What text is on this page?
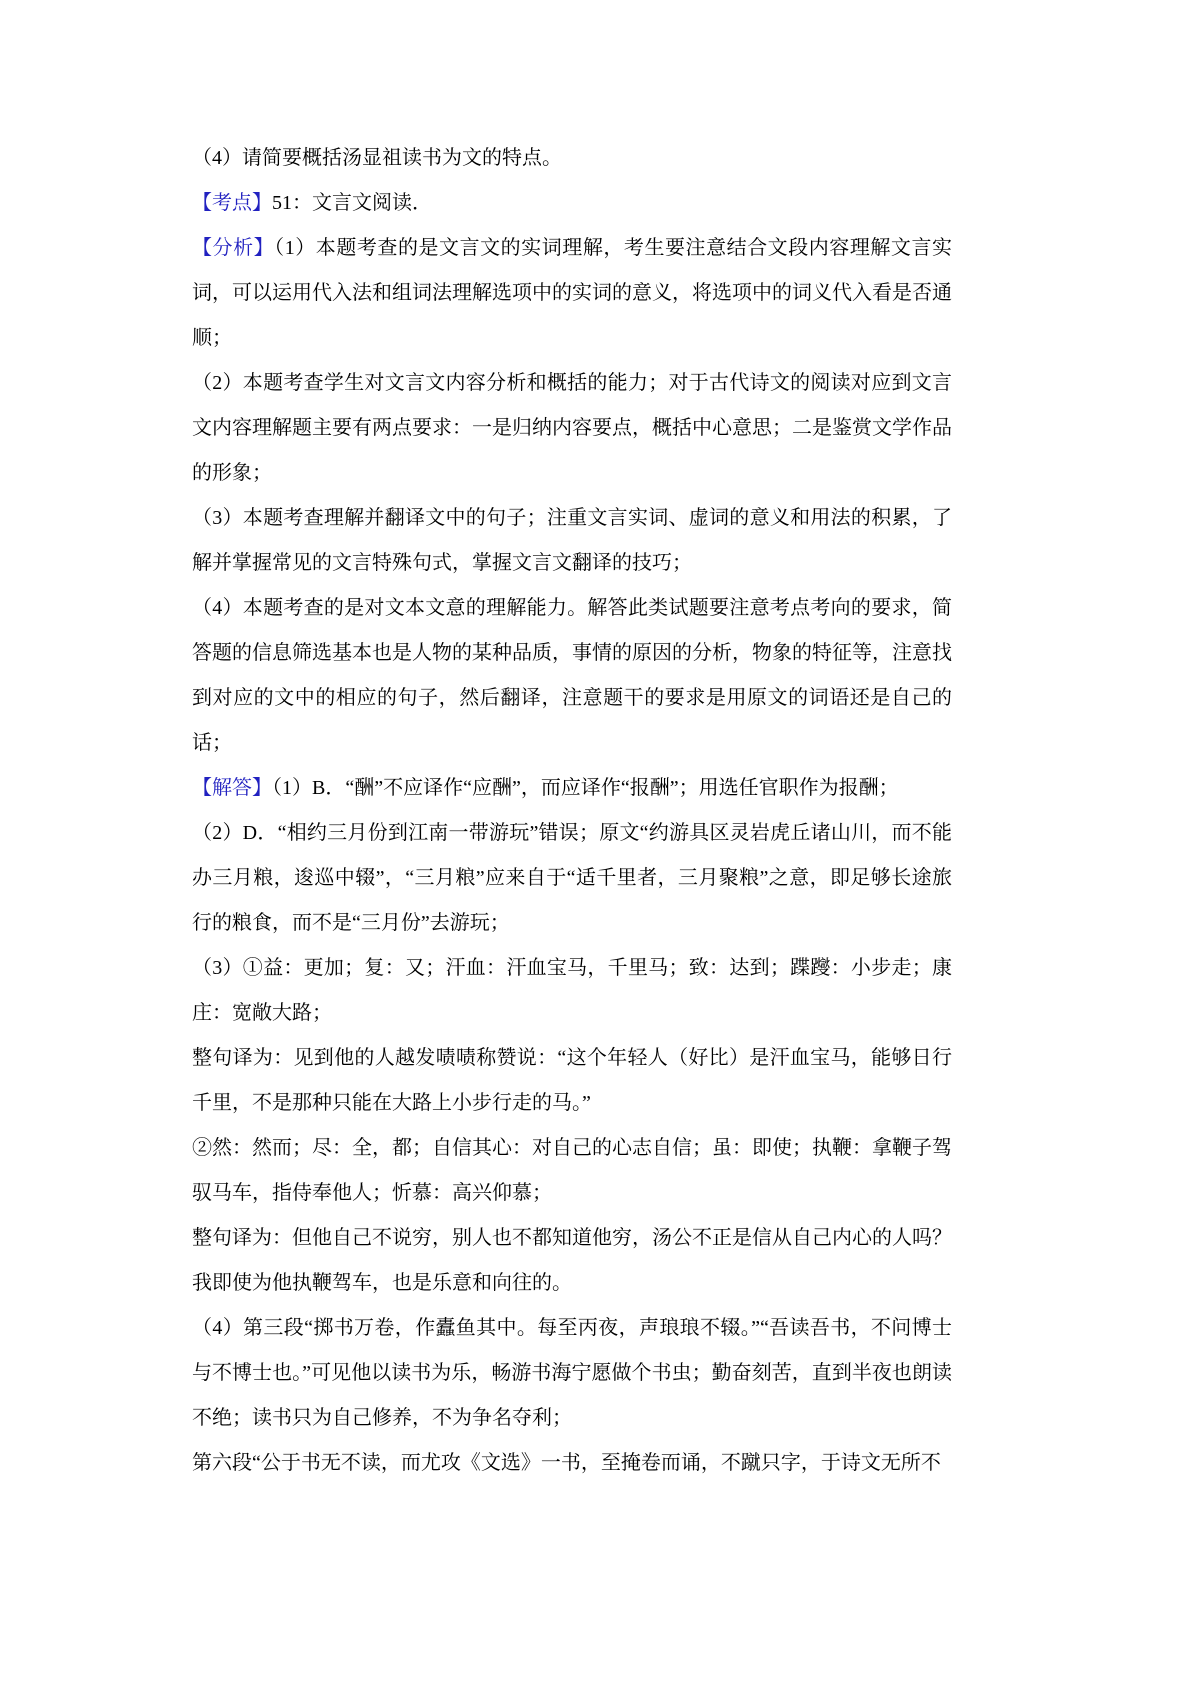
（4）请简要概括汤显祖读书为文的特点。

【考点】51：文言文阅读．

【分析】（1）本题考查的是文言文的实词理解，考生要注意结合文段内容理解文言实词，可以运用代入法和组词法理解选项中的实词的意义，将选项中的词义代入看是否通顺；

（2）本题考查学生对文言文内容分析和概括的能力；对于古代诗文的阅读对应到文言文内容理解题主要有两点要求：一是归纳内容要点，概括中心意思；二是鉴赏文学作品的形象；

（3）本题考查理解并翻译文中的句子；注重文言实词、虚词的意义和用法的积累，了解并掌握常见的文言特殊句式，掌握文言文翻译的技巧；

（4）本题考查的是对文本文意的理解能力。解答此类试题要注意考点考向的要求，简答题的信息筛选基本也是人物的某种品质，事情的原因的分析，物象的特征等，注意找到对应的文中的相应的句子，然后翻译，注意题干的要求是用原文的词语还是自己的话；

【解答】（1）B．“酬”不应译作“应酬”，而应译作“报酬”；用选任官职作为报酬；

（2）D．“相约三月份到江南一带游玩”错误；原文“约游具区灵岩虎丘诸山川，而不能办三月粮，逡巡中辍”，“三月粮”应来自于“适千里者，三月聚粮”之意，即足够长途旅行的粮食，而不是“三月份”去游玩；

（3）①益：更加；复：又；汗血：汗血宝马，千里马；致：达到；蹀躞：小步走；康庄：宽敞大路；

整句译为：见到他的人越发啧啧称赞说：“这个年轻人（好比）是汗血宝马，能够日行千里，不是那种只能在大路上小步行走的马。”

②然：然而；尽：全，都；自信其心：对自己的心志自信；虽：即使；执鞭：拿鞭子驾驭马车，指侍奉他人；忻慕：高兴仰慕；

整句译为：但他自己不说穷，别人也不都知道他穷，汤公不正是信从自己内心的人吗？我即使为他执鞭驾车，也是乐意和向往的。

（4）第三段“掷书万卷，作蠹鱼其中。每至丙夜，声琅琅不辍。”“吾读吾书，不问博士与不博士也。”可见他以读书为乐，畅游书海宁愿做个书虫；勤奋刻苦，直到半夜也朗读不绝；读书只为自己修养，不为争名夺利；

第六段“公于书无不读，而尤攻《文选》一书，至掩卷而诵，不蹴只字，于诗文无所不
